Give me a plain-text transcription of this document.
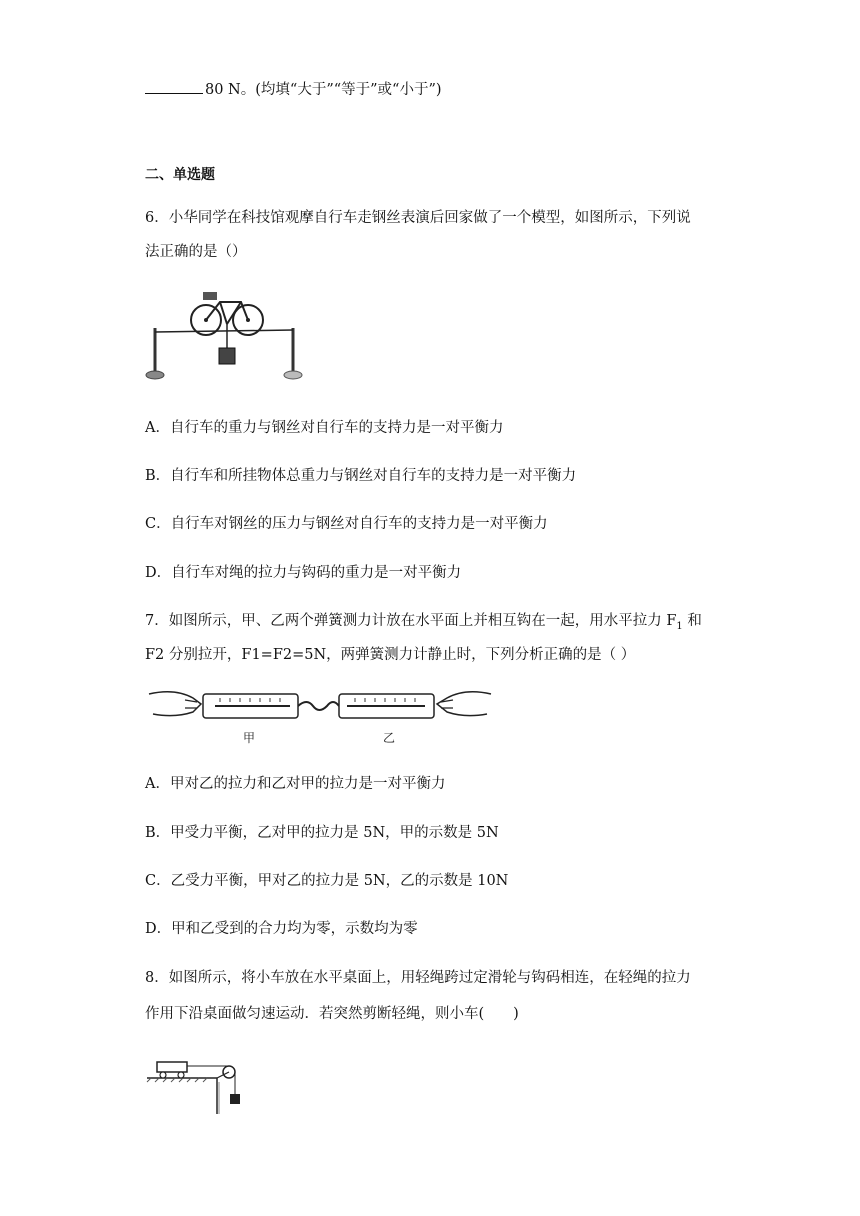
80 N。(均填“大于”“等于”或“小于”)
二、单选题
6．小华同学在科技馆观摩自行车走钢丝表演后回家做了一个模型，如图所示，下列说
法正确的是（）
A．自行车的重力与钢丝对自行车的支持力是一对平衡力
B．自行车和所挂物体总重力与钢丝对自行车的支持力是一对平衡力
C．自行车对钢丝的压力与钢丝对自行车的支持力是一对平衡力
D．自行车对绳的拉力与钩码的重力是一对平衡力
7．如图所示，甲、乙两个弹簧测力计放在水平面上并相互钩在一起，用水平拉力 $F_1$ 和
F2 分别拉开，F1=F2=5N，两弹簧测力计静止时，下列分析正确的是（ ）
甲	乙
A．甲对乙的拉力和乙对甲的拉力是一对平衡力
B．甲受力平衡，乙对甲的拉力是 5N，甲的示数是 5N
C．乙受力平衡，甲对乙的拉力是 5N，乙的示数是 10N
D．甲和乙受到的合力均为零，示数均为零
8．如图所示，将小车放在水平桌面上，用轻绳跨过定滑轮与钩码相连，在轻绳的拉力
作用下沿桌面做匀速运动．若突然剪断轻绳，则小车(　　)
